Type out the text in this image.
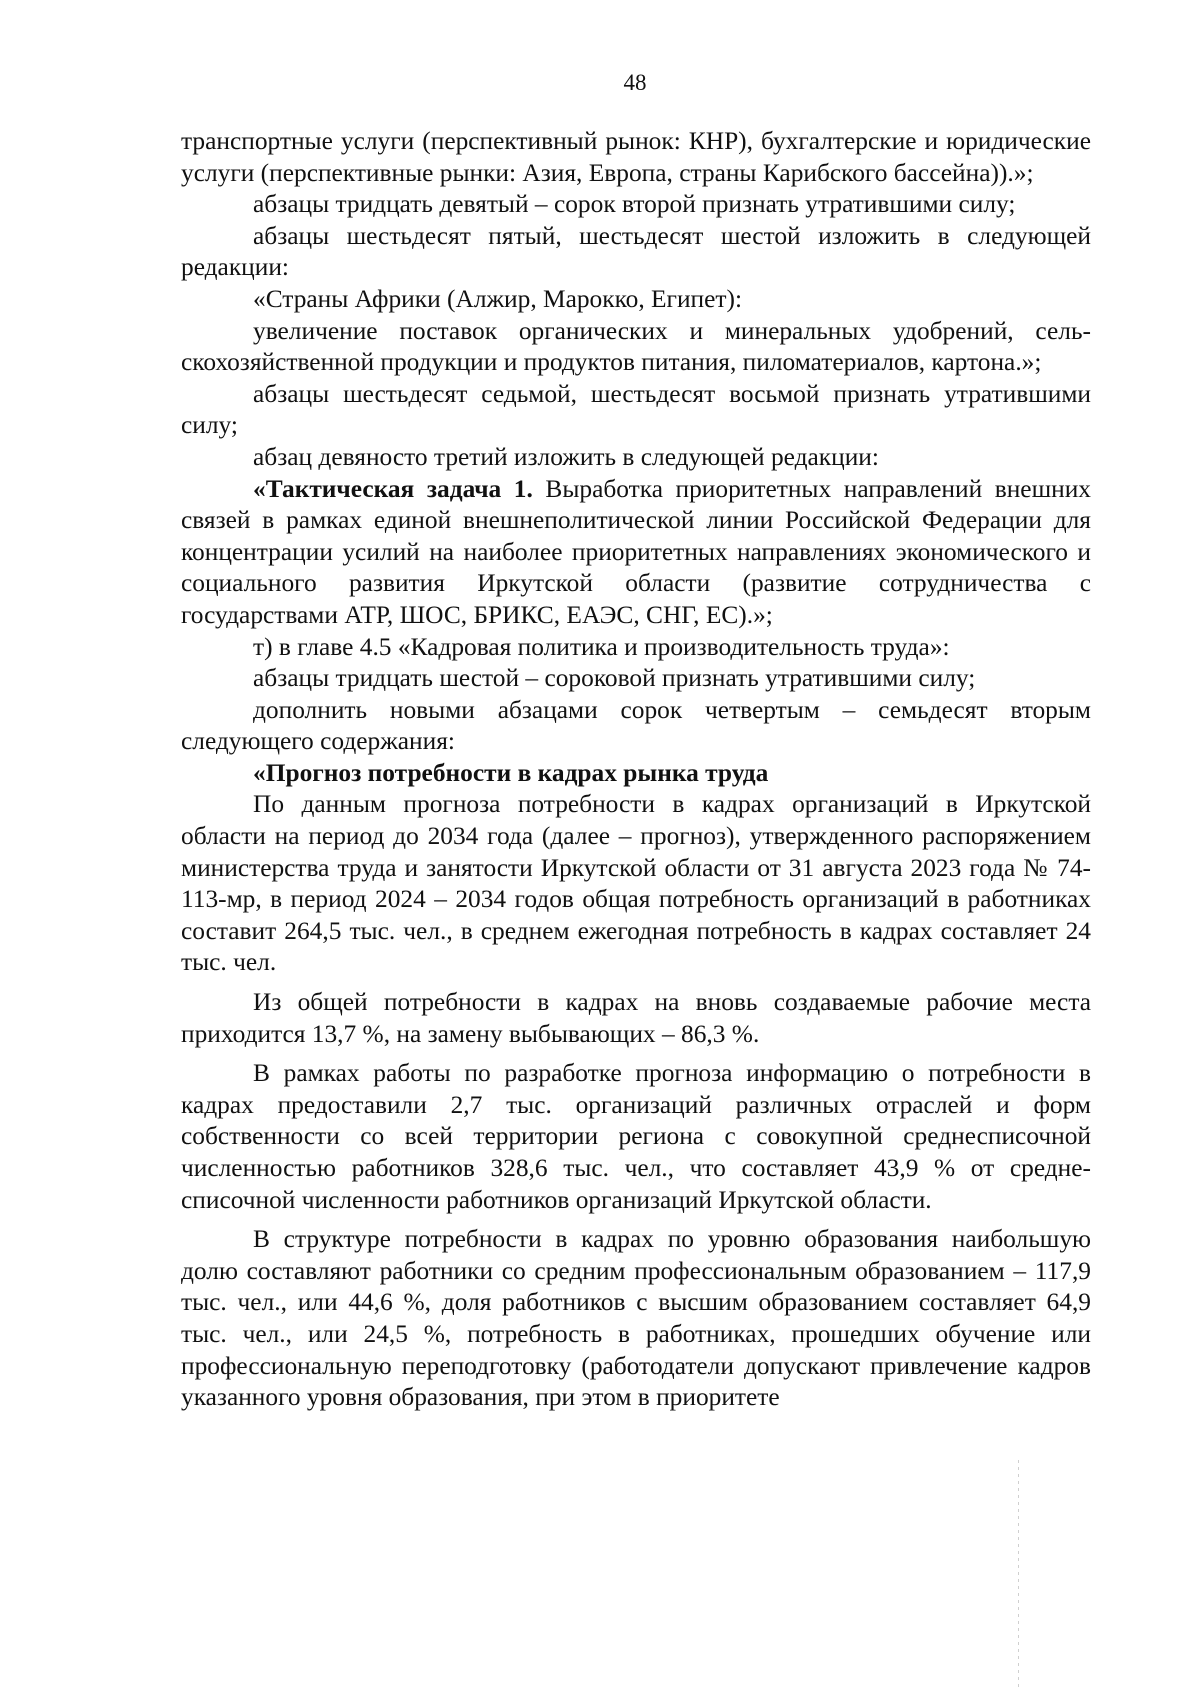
48

транспортные услуги (перспективный рынок: КНР), бухгалтерские и юридические услуги (перспективные рынки: Азия, Европа, страны Карибского бассейна)).»;

абзацы тридцать девятый – сорок второй признать утратившими силу;

абзацы шестьдесят пятый, шестьдесят шестой изложить в следующей редакции:

«Страны Африки (Алжир, Марокко, Египет):

увеличение поставок органических и минеральных удобрений, сельскохозяйственной продукции и продуктов питания, пиломатериалов, картона.»;

абзацы шестьдесят седьмой, шестьдесят восьмой признать утратившими силу;

абзац девяносто третий изложить в следующей редакции:

«Тактическая задача 1. Выработка приоритетных направлений внешних связей в рамках единой внешнеполитической линии Российской Федерации для концентрации усилий на наиболее приоритетных направлениях экономического и социального развития Иркутской области (развитие сотрудничества с государствами АТР, ШОС, БРИКС, ЕАЭС, СНГ, ЕС).»;

т) в главе 4.5 «Кадровая политика и производительность труда»:

абзацы тридцать шестой – сороковой признать утратившими силу;

дополнить новыми абзацами сорок четвертым – семьдесят вторым следующего содержания:

«Прогноз потребности в кадрах рынка труда

По данным прогноза потребности в кадрах организаций в Иркутской области на период до 2034 года (далее – прогноз), утвержденного распоряжением министерства труда и занятости Иркутской области от 31 августа 2023 года № 74-113-мр, в период 2024 – 2034 годов общая потребность организаций в работниках составит 264,5 тыс. чел., в среднем ежегодная потребность в кадрах составляет 24 тыс. чел.

Из общей потребности в кадрах на вновь создаваемые рабочие места приходится 13,7 %, на замену выбывающих – 86,3 %.

В рамках работы по разработке прогноза информацию о потребности в кадрах предоставили 2,7 тыс. организаций различных отраслей и форм собственности со всей территории региона с совокупной среднесписочной численностью работников 328,6 тыс. чел., что составляет 43,9 % от среднесписочной численности работников организаций Иркутской области.

В структуре потребности в кадрах по уровню образования наибольшую долю составляют работники со средним профессиональным образованием – 117,9 тыс. чел., или 44,6 %, доля работников с высшим образованием составляет 64,9 тыс. чел., или 24,5 %, потребность в работниках, прошедших обучение или профессиональную переподготовку (работодатели допускают привлечение кадров указанного уровня образования, при этом в приоритете
